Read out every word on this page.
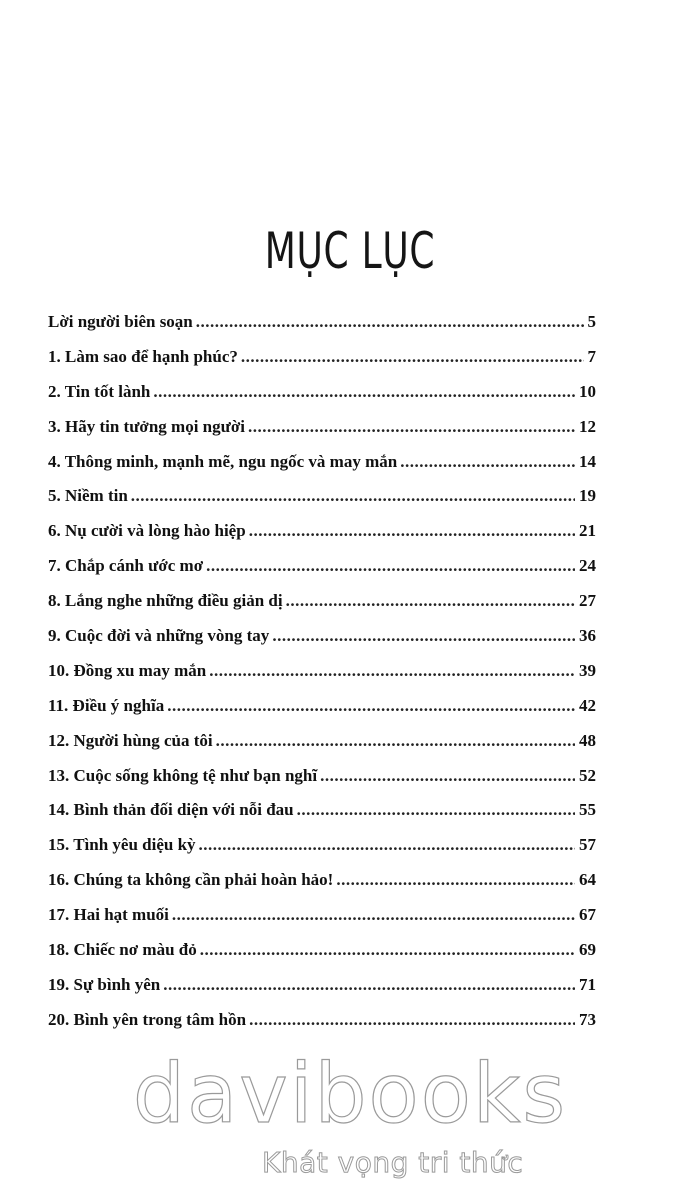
MỤC LỤC
Lời người biên soạn .....	5
1. Làm sao để hạnh phúc? .....	7
2. Tin tốt lành .....	10
3. Hãy tin tưởng mọi người .....	12
4. Thông minh, mạnh mẽ, ngu ngốc và may mắn .....	14
5. Niềm tin .....	19
6. Nụ cười và lòng hào hiệp .....	21
7. Chắp cánh ước mơ .....	24
8. Lắng nghe những điều giản dị .....	27
9. Cuộc đời và những vòng tay .....	36
10. Đồng xu may mắn .....	39
11. Điều ý nghĩa .....	42
12. Người hùng của tôi .....	48
13. Cuộc sống không tệ như bạn nghĩ .....	52
14. Bình thản đối diện với nỗi đau .....	55
15. Tình yêu diệu kỳ .....	57
16. Chúng ta không cần phải hoàn hảo! .....	64
17. Hai hạt muối .....	67
18. Chiếc nơ màu đỏ .....	69
19. Sự bình yên .....	71
20. Bình yên trong tâm hồn .....	73
davibooks
Khát vọng tri thức
